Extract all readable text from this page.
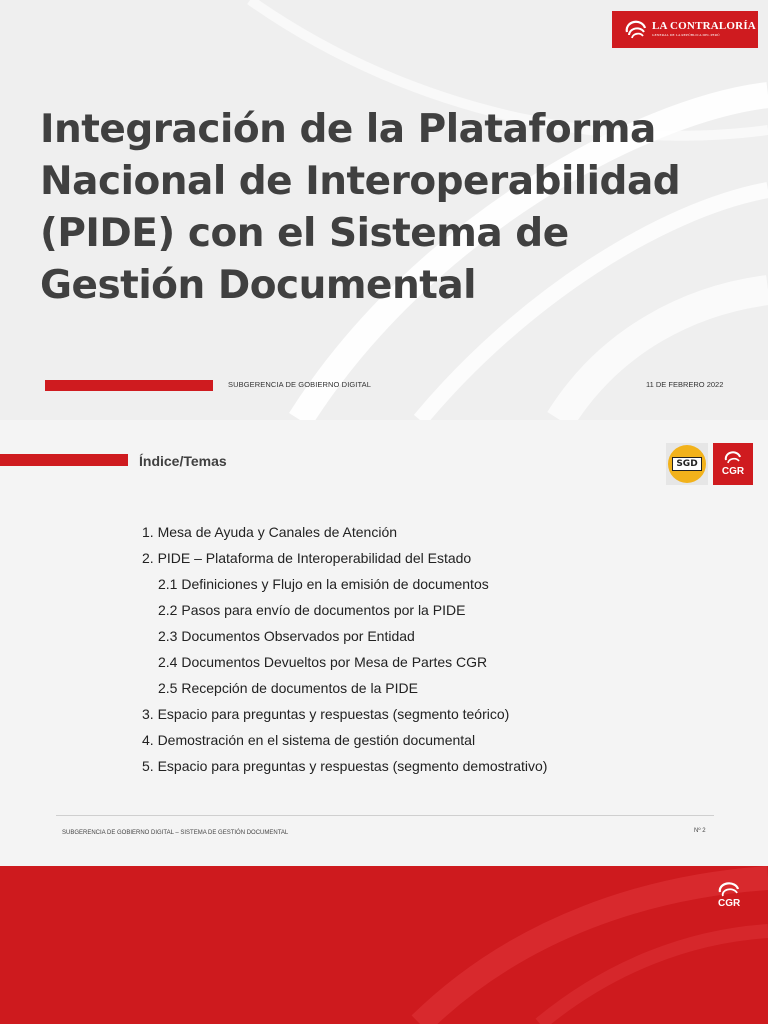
LA CONTRALORÍA
GENERAL DE LA REPÚBLICA DEL PERÚ
Integración de la Plataforma Nacional de Interoperabilidad (PIDE) con el Sistema de Gestión Documental
SUBGERENCIA DE GOBIERNO DIGITAL	11 DE FEBRERO 2022
Índice/Temas	SGD
CGR
1. Mesa de Ayuda y Canales de Atención
2. PIDE – Plataforma de Interoperabilidad del Estado
2.1 Definiciones y Flujo en la emisión de documentos
2.2 Pasos para envío de documentos por la PIDE
2.3 Documentos Observados por Entidad
2.4 Documentos Devueltos por Mesa de Partes CGR
2.5 Recepción de documentos de la PIDE
3. Espacio para preguntas y respuestas (segmento teórico)
4. Demostración en el sistema de gestión documental
5. Espacio para preguntas y respuestas (segmento demostrativo)
SUBGERENCIA DE GOBIERNO DIGITAL – SISTEMA DE GESTIÓN DOCUMENTAL	Nº 2
CGR
